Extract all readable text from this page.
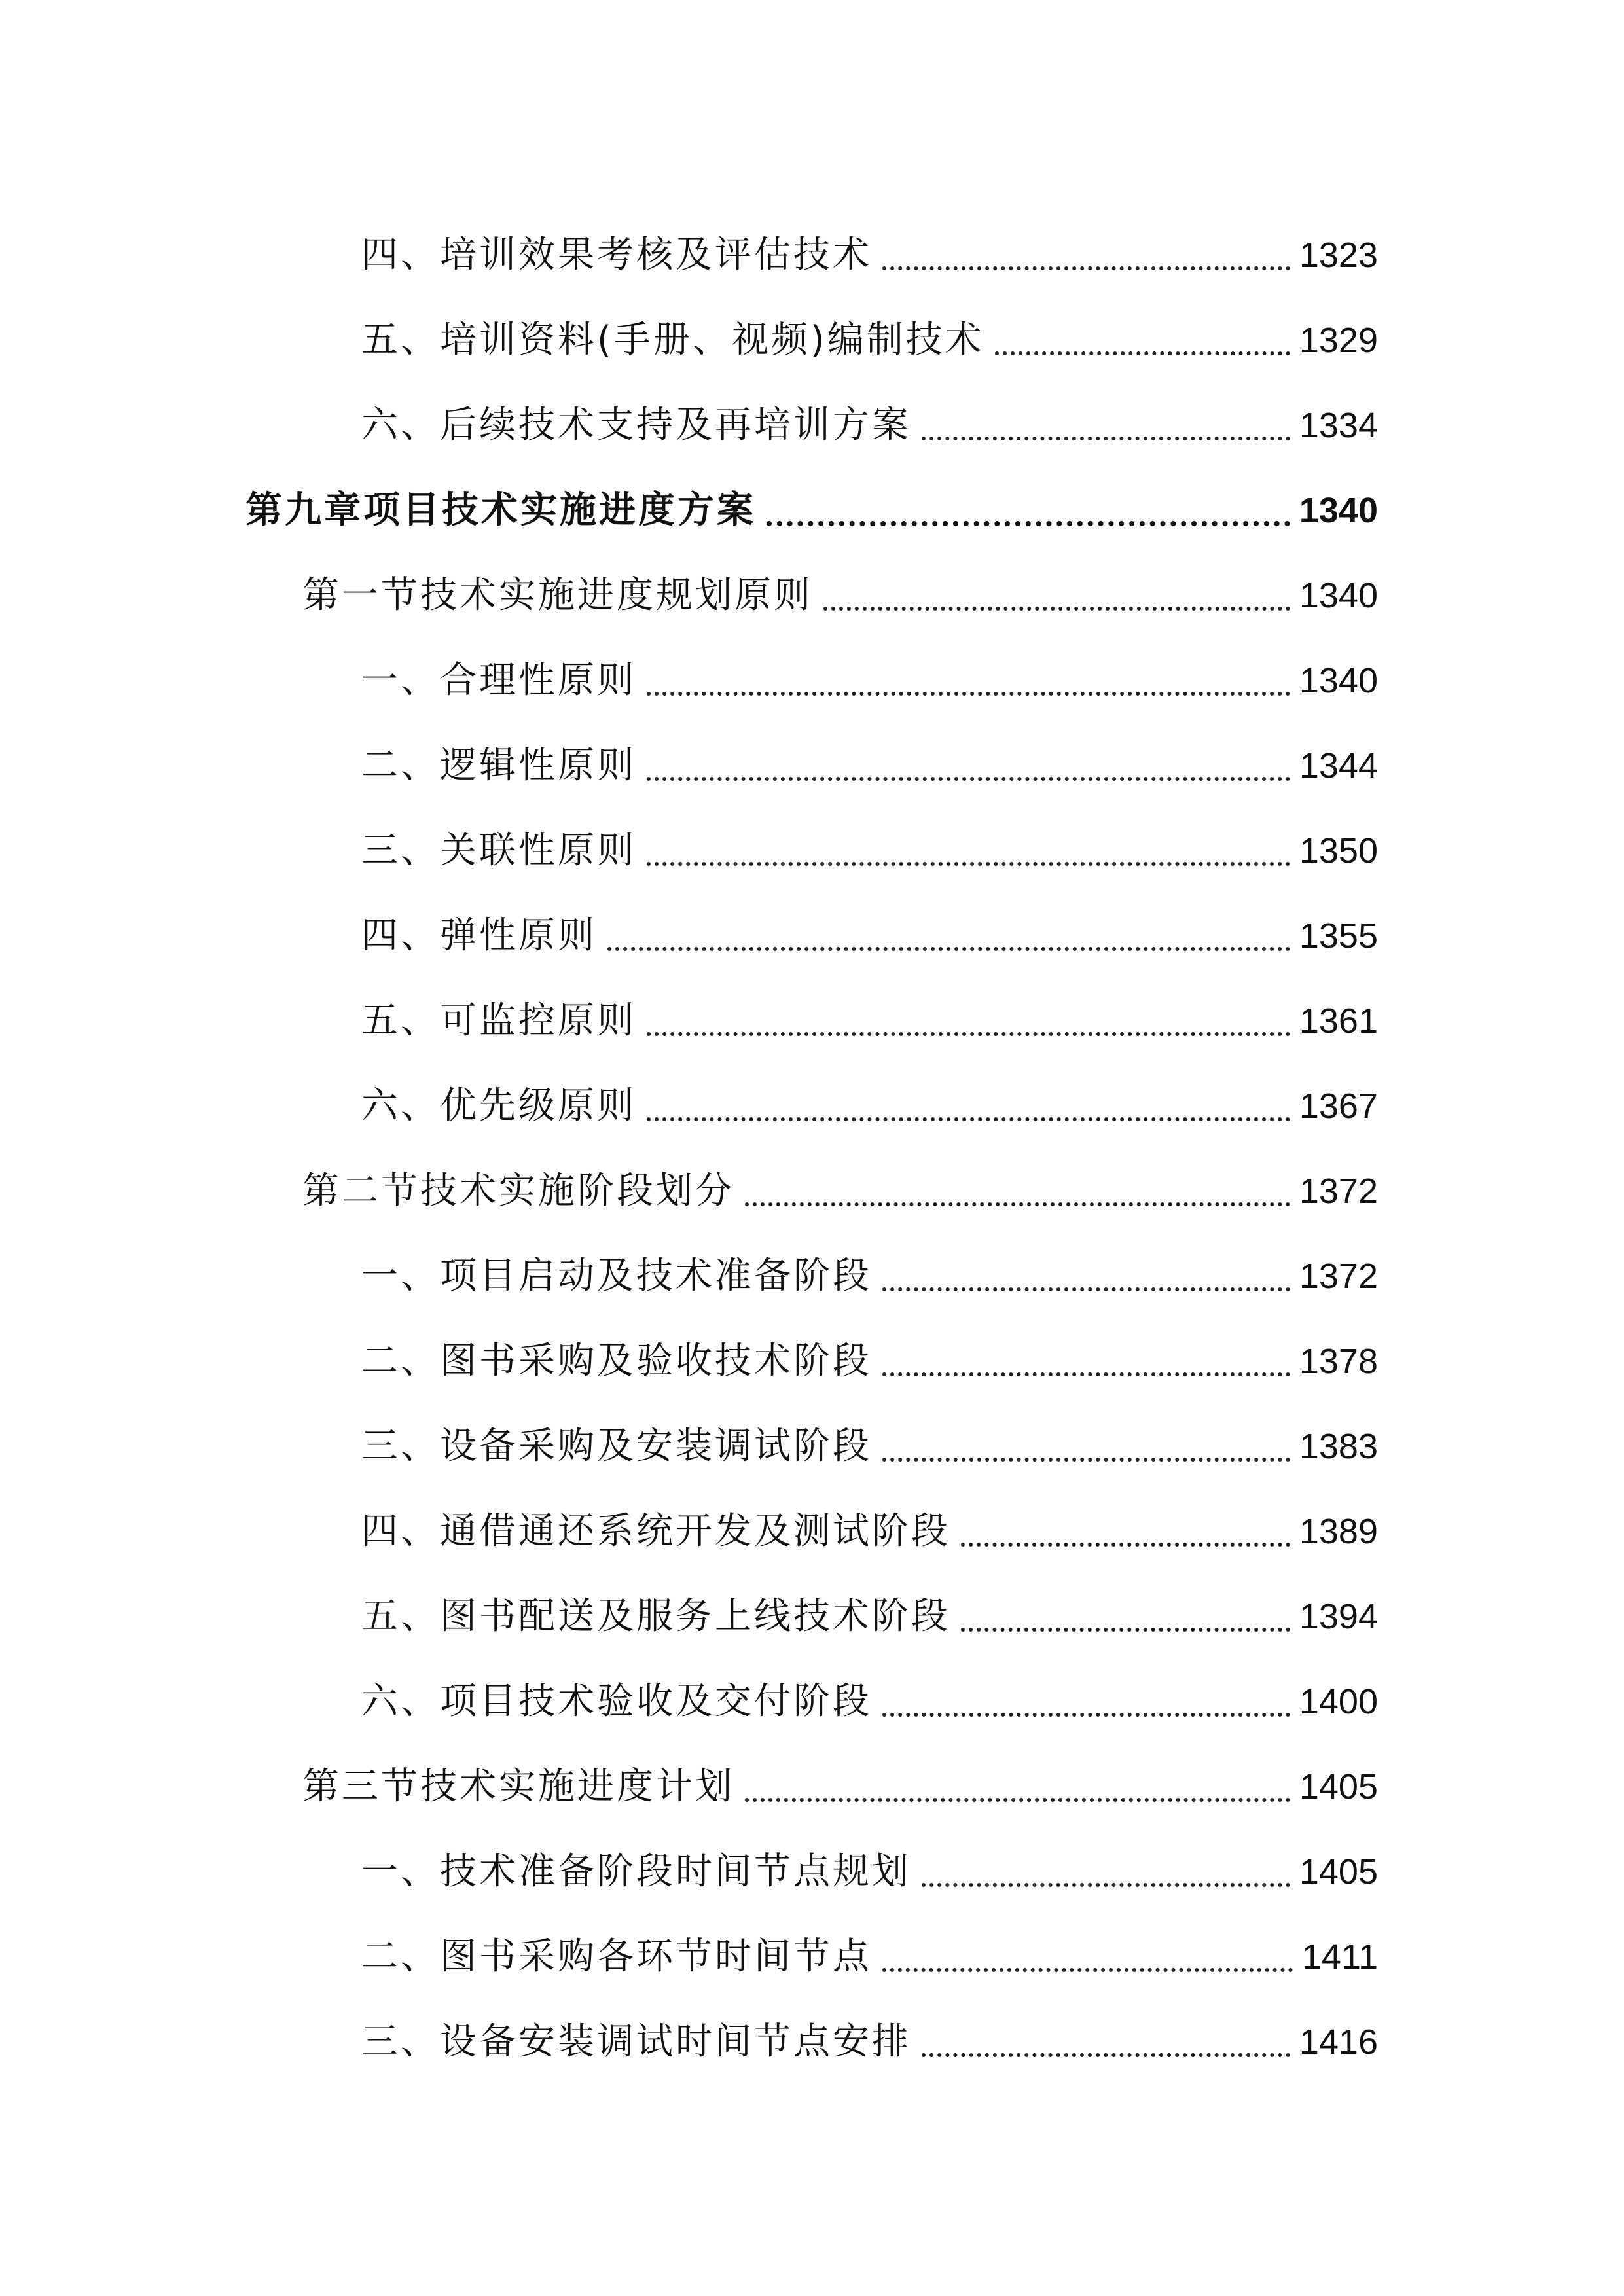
四、培训效果考核及评估技术	1323
五、培训资料(手册、视频)编制技术	1329
六、后续技术支持及再培训方案	1334
第九章项目技术实施进度方案	1340
第一节技术实施进度规划原则	1340
一、合理性原则	1340
二、逻辑性原则	1344
三、关联性原则	1350
四、弹性原则	1355
五、可监控原则	1361
六、优先级原则	1367
第二节技术实施阶段划分	1372
一、项目启动及技术准备阶段	1372
二、图书采购及验收技术阶段	1378
三、设备采购及安装调试阶段	1383
四、通借通还系统开发及测试阶段	1389
五、图书配送及服务上线技术阶段	1394
六、项目技术验收及交付阶段	1400
第三节技术实施进度计划	1405
一、技术准备阶段时间节点规划	1405
二、图书采购各环节时间节点	1411
三、设备安装调试时间节点安排	1416
